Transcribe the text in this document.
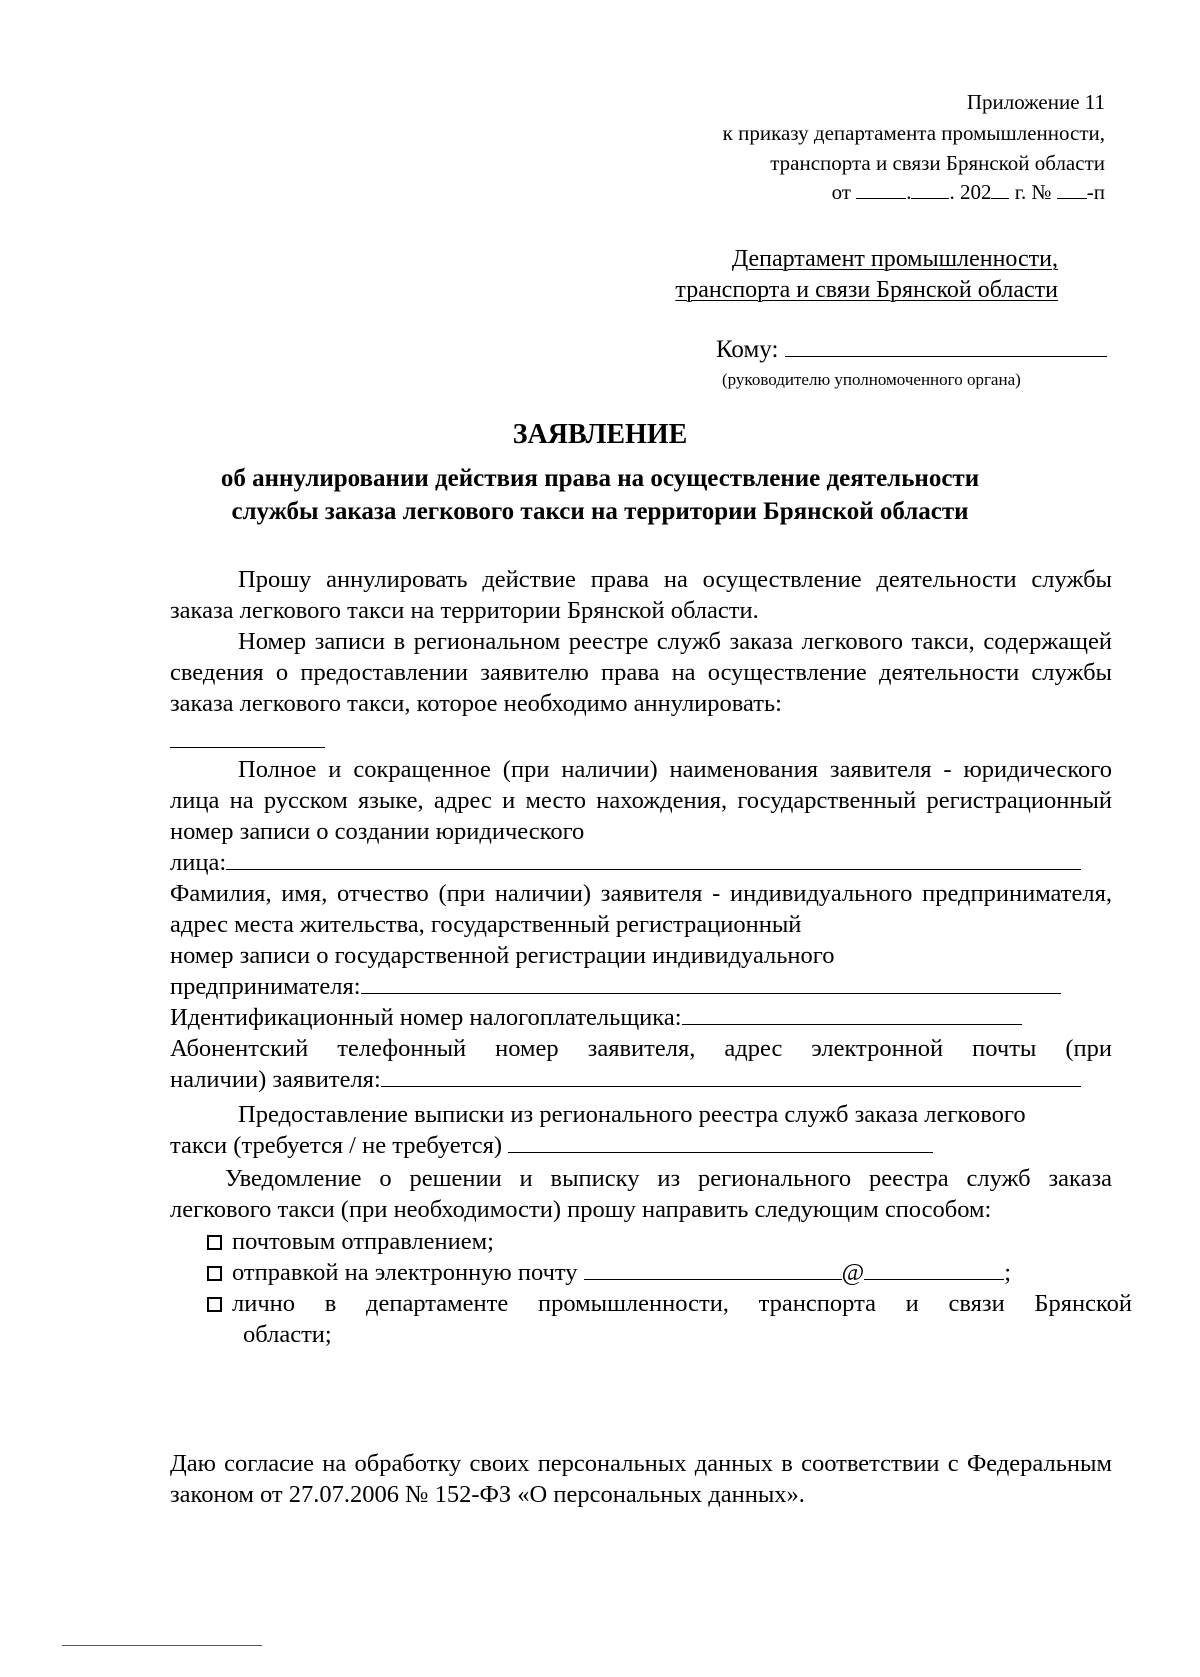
Приложение 11
к приказу департамента промышленности,
транспорта и связи Брянской области
от	. . 202 г. № -п
Департамент промышленности,
транспорта и связи Брянской области
Кому:
(руководителю уполномоченного органа)
ЗАЯВЛЕНИЕ
об аннулировании действия права на осуществление деятельности
службы заказа легкового такси на территории Брянской области
Прошу аннулировать действие права на осуществление деятельности службы заказа легкового такси на территории Брянской области.
Номер записи в региональном реестре служб заказа легкового такси, содержащей сведения о предоставлении заявителю права на осуществление деятельности службы заказа легкового такси, которое необходимо аннулировать:
Полное и сокращенное (при наличии) наименования заявителя - юридического лица на русском языке, адрес и место нахождения, государственный регистрационный номер записи о создании юридического
лица:
Фамилия, имя, отчество (при наличии) заявителя - индивидуального предпринимателя, адрес места жительства, государственный регистрационный
номер записи о государственной регистрации индивидуального
предпринимателя:
Идентификационный номер налогоплательщика:
Абонентский телефонный номер заявителя, адрес электронной почты (при
наличии) заявителя:
Предоставление выписки из регионального реестра служб заказа легкового
такси (требуется / не требуется)
Уведомление о решении и выписку из регионального реестра служб заказа легкового такси (при необходимости) прошу направить следующим способом:
почтовым отправлением;
отправкой на электронную почту	@	;
лично в департаменте промышленности, транспорта и связи Брянской
области;
Даю согласие на обработку своих персональных данных в соответствии с Федеральным законом от 27.07.2006 № 152-ФЗ «О персональных данных».
